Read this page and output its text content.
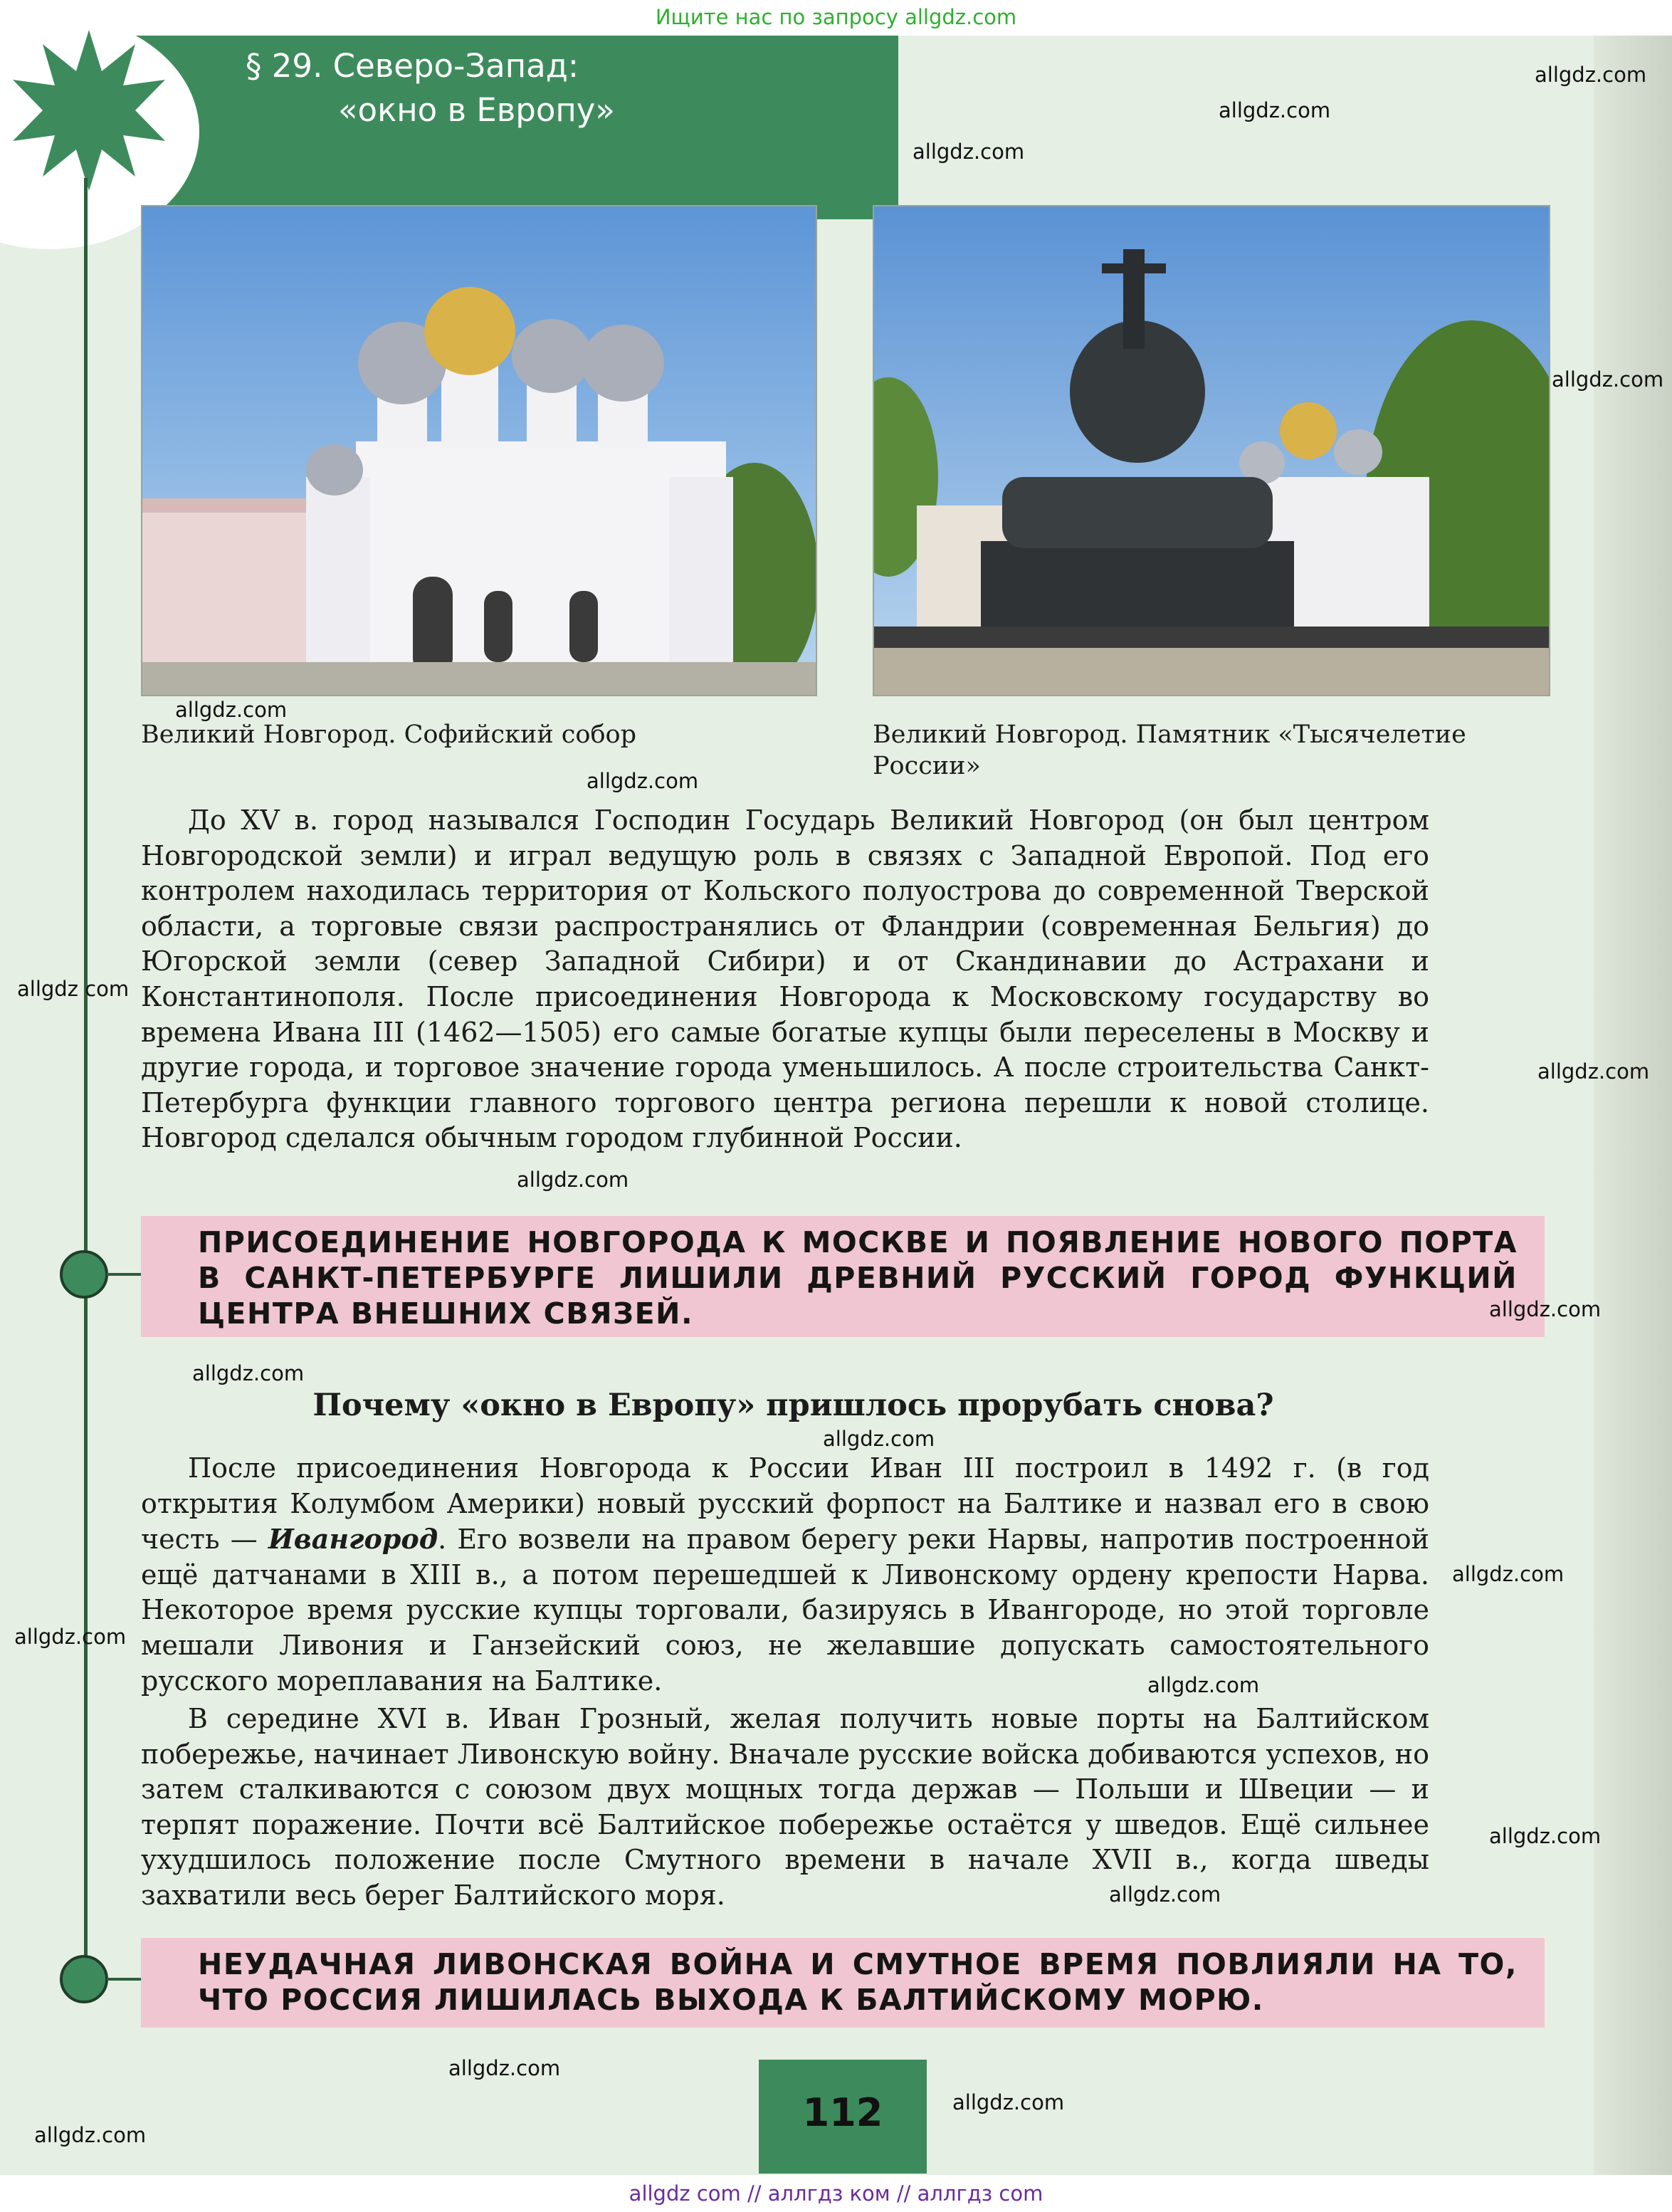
Ищите нас по запросу allgdz.com
§ 29. Северо-Запад:
«окно в Европу»
Великий Новгород. Софийский собор	Великий Новгород. Памятник «Тысячелетие России»
До XV в. город назывался Господин Государь Великий Новгород (он был центром Новгородской земли) и играл ведущую роль в связях с Западной Европой. Под его контролем находилась территория от Кольского полуострова до современной Тверской области, а торговые связи распространялись от Фландрии (современная Бельгия) до Югорской земли (север Западной Сибири) и от Скандинавии до Астрахани и Константинополя. После присоединения Новгорода к Московскому государству во времена Ивана III (1462—1505) его самые богатые купцы были переселены в Москву и другие города, и торговое значение города уменьшилось. А после строительства Санкт-Петербурга функции главного торгового центра региона перешли к новой столице. Новгород сделался обычным городом глубинной России.
ПРИСОЕДИНЕНИЕ НОВГОРОДА К МОСКВЕ И ПОЯВЛЕНИЕ НОВОГО ПОРТА В САНКТ-ПЕТЕРБУРГЕ ЛИШИЛИ ДРЕВНИЙ РУССКИЙ ГОРОД ФУНКЦИЙ ЦЕНТРА ВНЕШНИХ СВЯЗЕЙ.
Почему «окно в Европу» пришлось прорубать снова?
После присоединения Новгорода к России Иван III построил в 1492 г. (в год открытия Колумбом Америки) новый русский форпост на Балтике и назвал его в свою честь — Ивангород. Его возвели на правом берегу реки Нарвы, напротив построенной ещё датчанами в XIII в., а потом перешедшей к Ливонскому ордену крепости Нарва. Некоторое время русские купцы торговали, базируясь в Ивангороде, но этой торговле мешали Ливония и Ганзейский союз, не желавшие допускать самостоятельного русского мореплавания на Балтике.
В середине XVI в. Иван Грозный, желая получить новые порты на Балтийском побережье, начинает Ливонскую войну. Вначале русские войска добиваются успехов, но затем сталкиваются с союзом двух мощных тогда держав — Польши и Швеции — и терпят поражение. Почти всё Балтийское побережье остаётся у шведов. Ещё сильнее ухудшилось положение после Смутного времени в начале XVII в., когда шведы захватили весь берег Балтийского моря.
НЕУДАЧНАЯ ЛИВОНСКАЯ ВОЙНА И СМУТНОЕ ВРЕМЯ ПОВЛИЯЛИ НА ТО, ЧТО РОССИЯ ЛИШИЛАСЬ ВЫХОДА К БАЛТИЙСКОМУ МОРЮ.
112
allgdz.com
allgdz.com
allgdz.com
allgdz.com
allgdz.com
allgdz.com
allgdz com
allgdz.com
allgdz.com
allgdz.com
allgdz.com
allgdz.com
allgdz.com
allgdz.com
allgdz.com
allgdz.com
allgdz.com
allgdz.com
allgdz.com
allgdz.com
allgdz com // аллгдз ком // аллгдз com
